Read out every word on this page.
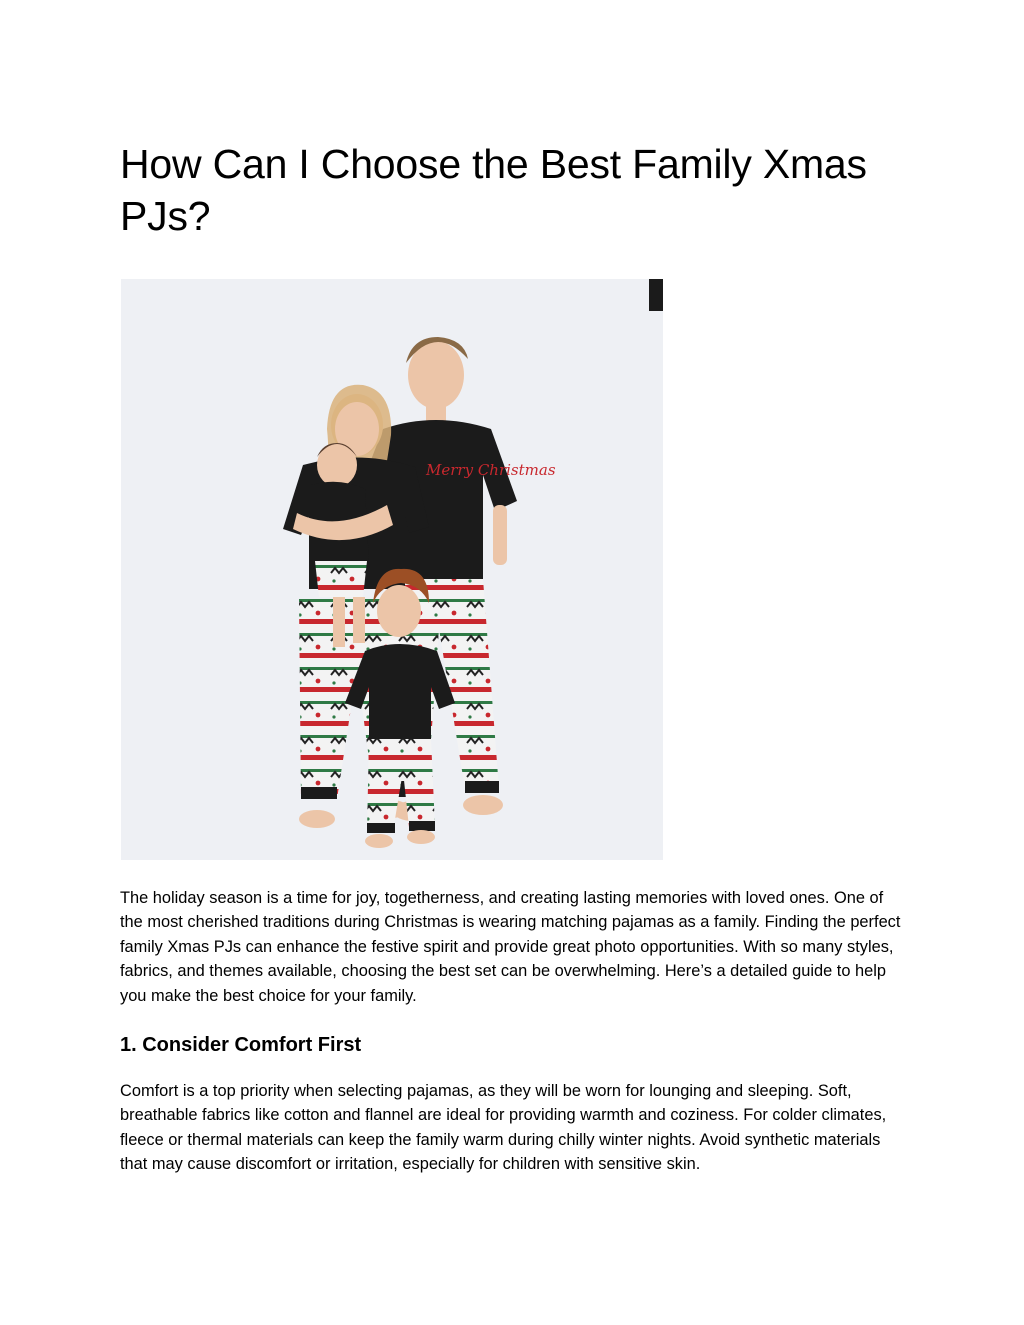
How Can I Choose the Best Family Xmas PJs?
Merry Christmas

The holiday season is a time for joy, togetherness, and creating lasting memories with loved ones. One of the most cherished traditions during Christmas is wearing matching pajamas as a family. Finding the perfect family Xmas PJs can enhance the festive spirit and provide great photo opportunities. With so many styles, fabrics, and themes available, choosing the best set can be overwhelming. Here’s a detailed guide to help you make the best choice for your family.

1. Consider Comfort First

Comfort is a top priority when selecting pajamas, as they will be worn for lounging and sleeping. Soft, breathable fabrics like cotton and flannel are ideal for providing warmth and coziness. For colder climates, fleece or thermal materials can keep the family warm during chilly winter nights. Avoid synthetic materials that may cause discomfort or irritation, especially for children with sensitive skin.
